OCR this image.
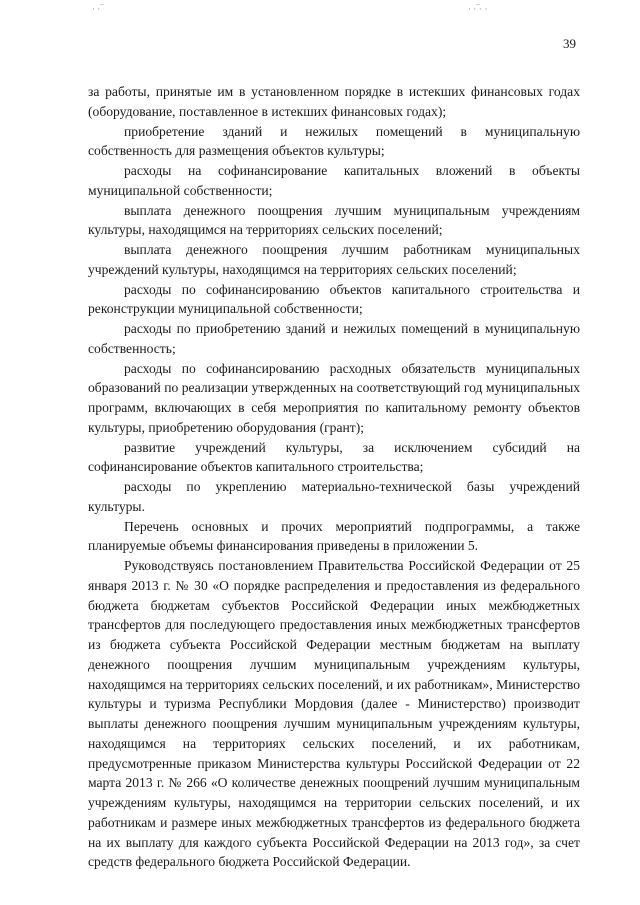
· ·‾	· ·‾· ·
39

за работы, принятые им в установленном порядке в истекших финансовых годах (оборудование, поставленное в истекших финансовых годах);

приобретение зданий и нежилых помещений в муниципальную собственность для размещения объектов культуры;

расходы на софинансирование капитальных вложений в объекты муниципальной собственности;

выплата денежного поощрения лучшим муниципальным учреждениям культуры, находящимся на территориях сельских поселений;

выплата денежного поощрения лучшим работникам муниципальных учреждений культуры, находящимся на территориях сельских поселений;

расходы по софинансированию объектов капитального строительства и реконструкции муниципальной собственности;

расходы по приобретению зданий и нежилых помещений в муниципальную собственность;

расходы по софинансированию расходных обязательств муниципальных образований по реализации утвержденных на соответствующий год муниципальных программ, включающих в себя мероприятия по капитальному ремонту объектов культуры, приобретению оборудования (грант);

развитие учреждений культуры, за исключением субсидий на софинансирование объектов капитального строительства;

расходы по укреплению материально-технической базы учреждений культуры.

Перечень основных и прочих мероприятий подпрограммы, а также планируемые объемы финансирования приведены в приложении 5.

Руководствуясь постановлением Правительства Российской Федерации от 25 января 2013 г. № 30 «О порядке распределения и предоставления из федерального бюджета бюджетам субъектов Российской Федерации иных межбюджетных трансфертов для последующего предоставления иных межбюджетных трансфертов из бюджета субъекта Российской Федерации местным бюджетам на выплату денежного поощрения лучшим муниципальным учреждениям культуры, находящимся на территориях сельских поселений, и их работникам», Министерство культуры и туризма Республики Мордовия (далее - Министерство) производит выплаты денежного поощрения лучшим муниципальным учреждениям культуры, находящимся на территориях сельских поселений, и их работникам, предусмотренные приказом Министерства культуры Российской Федерации от 22 марта 2013 г. № 266 «О количестве денежных поощрений лучшим муниципальным учреждениям культуры, находящимся на территории сельских поселений, и их работникам и размере иных межбюджетных трансфертов из федерального бюджета на их выплату для каждого субъекта Российской Федерации на 2013 год», за счет средств федерального бюджета Российской Федерации.
